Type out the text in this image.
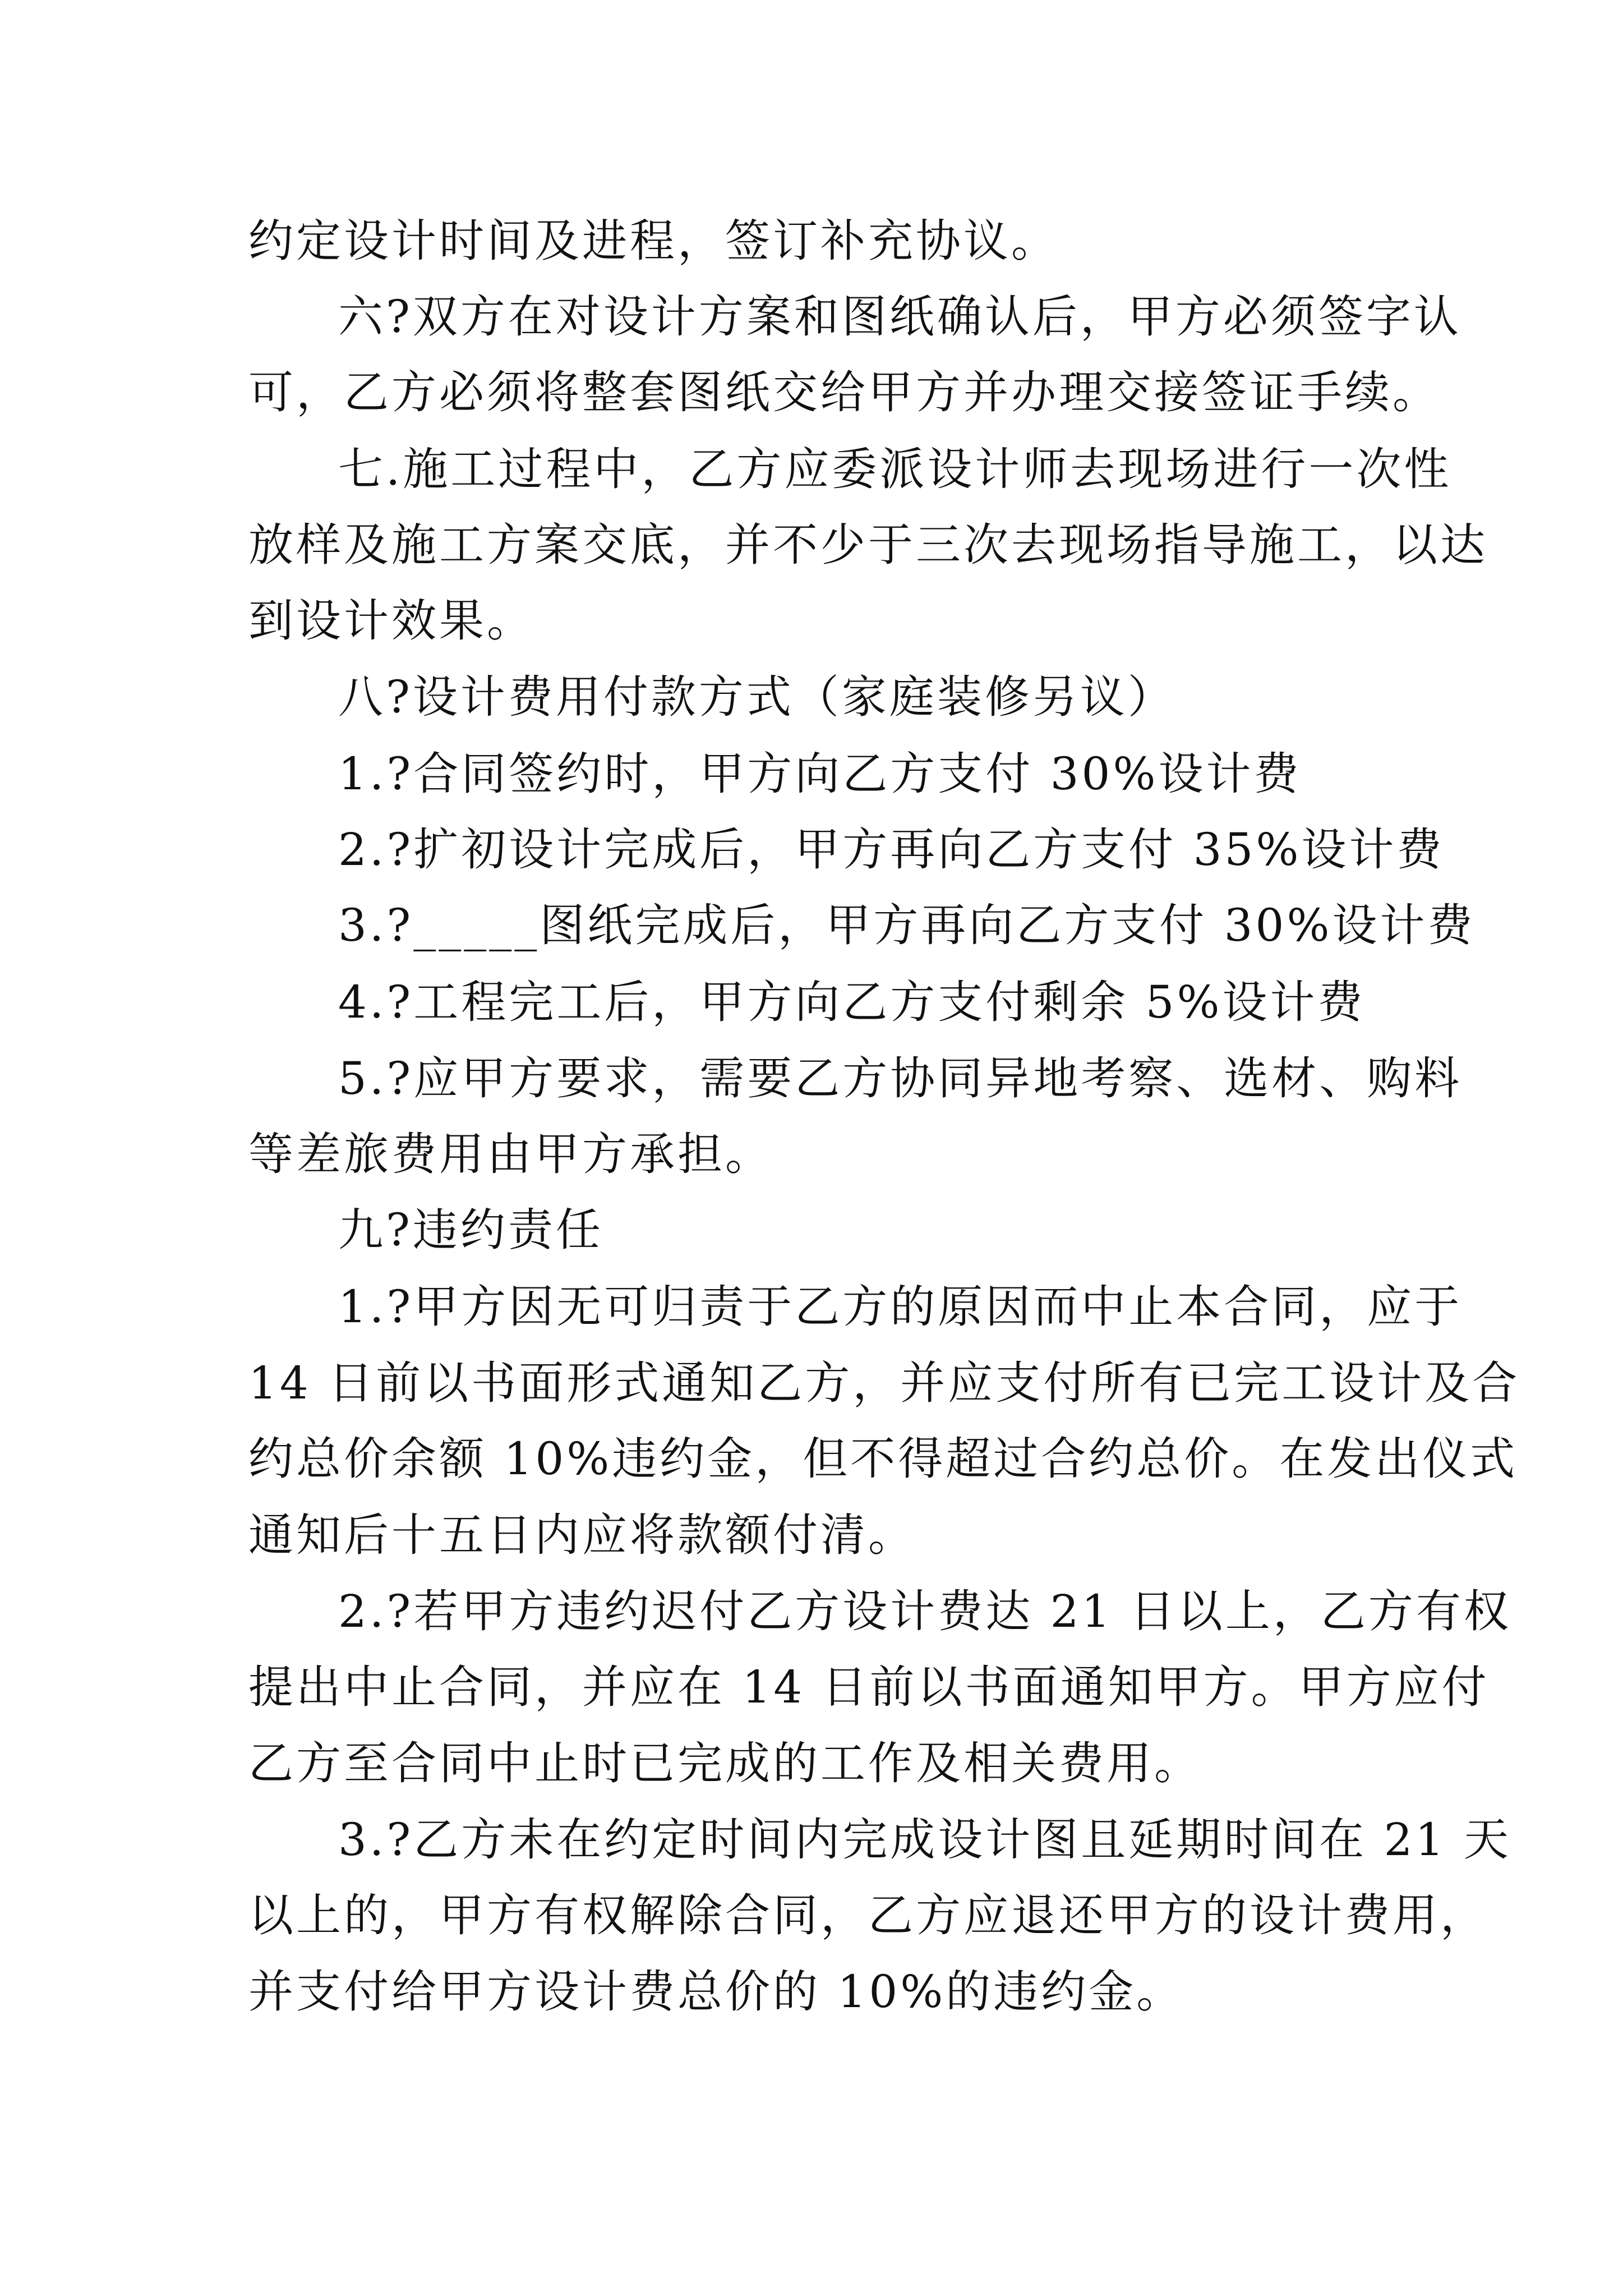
约定设计时间及进程，签订补充协议。
六?双方在对设计方案和图纸确认后，甲方必须签字认
可，乙方必须将整套图纸交给甲方并办理交接签证手续。
七.施工过程中，乙方应委派设计师去现场进行一次性
放样及施工方案交底，并不少于三次去现场指导施工，以达
到设计效果。
八?设计费用付款方式（家庭装修另议）
1.?合同签约时，甲方向乙方支付 30%设计费
2.?扩初设计完成后，甲方再向乙方支付 35%设计费
3.?_____图纸完成后，甲方再向乙方支付 30%设计费
4.?工程完工后，甲方向乙方支付剩余 5%设计费
5.?应甲方要求，需要乙方协同异地考察、选材、购料
等差旅费用由甲方承担。
九?违约责任
1.?甲方因无可归责于乙方的原因而中止本合同，应于
14 日前以书面形式通知乙方，并应支付所有已完工设计及合
约总价余额 10%违约金，但不得超过合约总价。在发出仪式
通知后十五日内应将款额付清。
2.?若甲方违约迟付乙方设计费达 21 日以上，乙方有权
提出中止合同，并应在 14 日前以书面通知甲方。甲方应付
乙方至合同中止时已完成的工作及相关费用。
3.?乙方未在约定时间内完成设计图且延期时间在 21 天
以上的，甲方有权解除合同，乙方应退还甲方的设计费用，
并支付给甲方设计费总价的 10%的违约金。
